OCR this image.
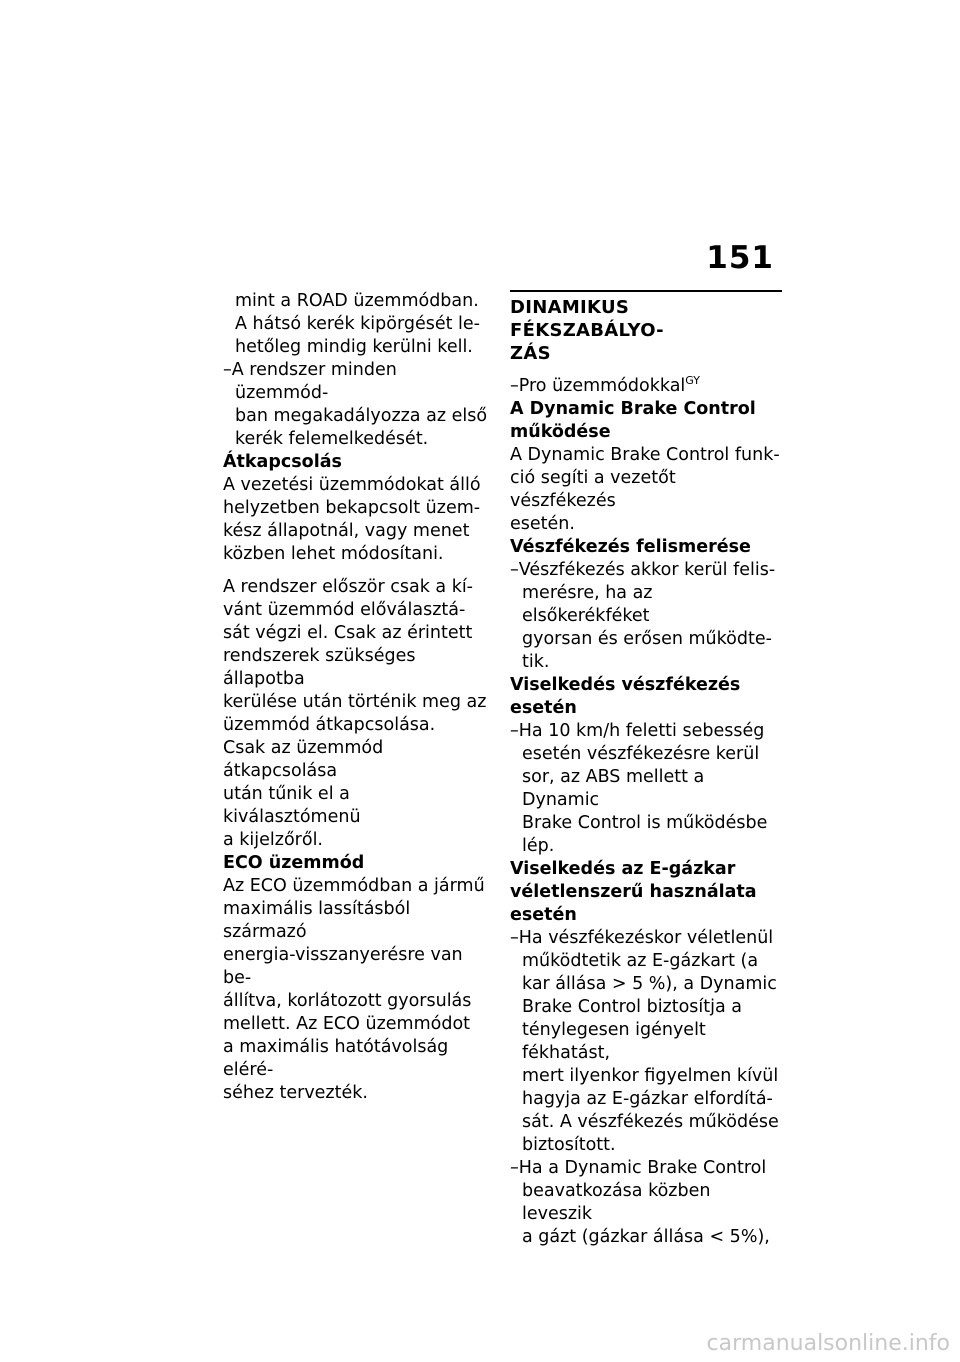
151
mint a ROAD üzemmódban.
A hátsó kerék kipörgését le-
hetőleg mindig kerülni kell.
–A rendszer minden üzemmód-
ban megakadályozza az első
kerék felemelkedését.
Átkapcsolás
A vezetési üzemmódokat álló
helyzetben bekapcsolt üzem-
kész állapotnál, vagy menet
közben lehet módosítani.
A rendszer először csak a kí-
vánt üzemmód előválasztá-
sát végzi el. Csak az érintett
rendszerek szükséges állapotba
kerülése után történik meg az
üzemmód átkapcsolása.
Csak az üzemmód átkapcsolása
után tűnik el a kiválasztómenü
a kijelzőről.
ECO üzemmód
Az ECO üzemmódban a jármű
maximális lassításból származó
energia-visszanyerésre van be-
állítva, korlátozott gyorsulás
mellett. Az ECO üzemmódot
a maximális hatótávolság eléré-
séhez tervezték.
DINAMIKUS FÉKSZABÁLYO-
ZÁS
–Pro üzemmódokkal$^{GY}$
A Dynamic Brake Control
működése
A Dynamic Brake Control funk-
ció segíti a vezetőt vészfékezés
esetén.
Vészfékezés felismerése
–Vészfékezés akkor kerül felis-
merésre, ha az elsőkerékféket
gyorsan és erősen működte-
tik.
Viselkedés vészfékezés esetén
–Ha 10 km/h feletti sebesség
esetén vészfékezésre kerül
sor, az ABS mellett a Dynamic
Brake Control is működésbe
lép.
Viselkedés az E-gázkar
véletlenszerű használata
esetén
–Ha vészfékezéskor véletlenül
működtetik az E-gázkart (a
kar állása > 5 %), a Dynamic
Brake Control biztosítja a
ténylegesen igényelt fékhatást,
mert ilyenkor figyelmen kívül
hagyja az E-gázkar elfordítá-
sát. A vészfékezés működése
biztosított.
–Ha a Dynamic Brake Control
beavatkozása közben leveszik
a gázt (gázkar állása < 5%),
carmanualsonline.info
